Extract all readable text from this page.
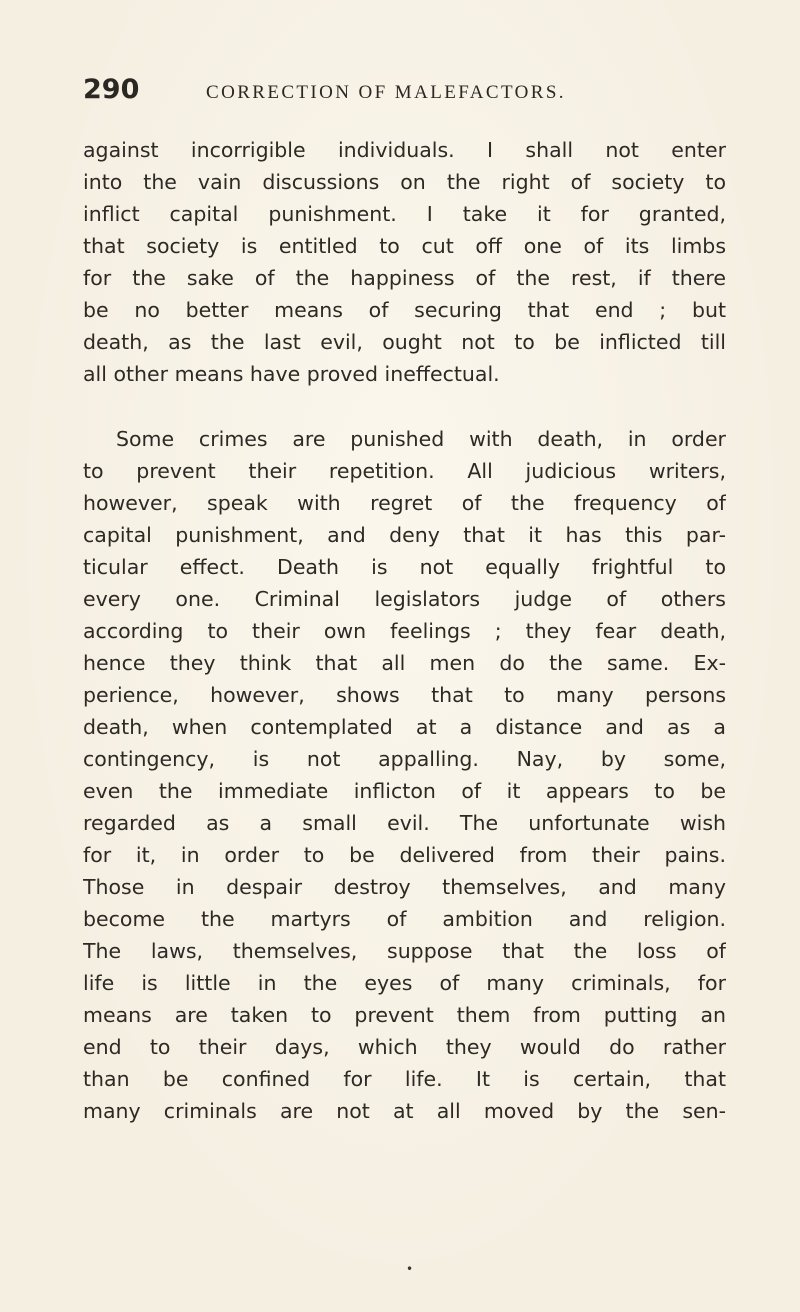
290	CORRECTION OF MALEFACTORS.
against incorrigible individuals. I shall not enter
into the vain discussions on the right of society to
inflict capital punishment. I take it for granted,
that society is entitled to cut off one of its limbs
for the sake of the happiness of the rest, if there
be no better means of securing that end ; but
death, as the last evil, ought not to be inflicted till
all other means have proved ineffectual.
Some crimes are punished with death, in order
to prevent their repetition. All judicious writers,
however, speak with regret of the frequency of
capital punishment, and deny that it has this par-
ticular effect. Death is not equally frightful to
every one. Criminal legislators judge of others
according to their own feelings ; they fear death,
hence they think that all men do the same. Ex-
perience, however, shows that to many persons
death, when contemplated at a distance and as a
contingency, is not appalling. Nay, by some,
even the immediate inflicton of it appears to be
regarded as a small evil. The unfortunate wish
for it, in order to be delivered from their pains.
Those in despair destroy themselves, and many
become the martyrs of ambition and religion.
The laws, themselves, suppose that the loss of
life is little in the eyes of many criminals, for
means are taken to prevent them from putting an
end to their days, which they would do rather
than be confined for life. It is certain, that
many criminals are not at all moved by the sen-
•
